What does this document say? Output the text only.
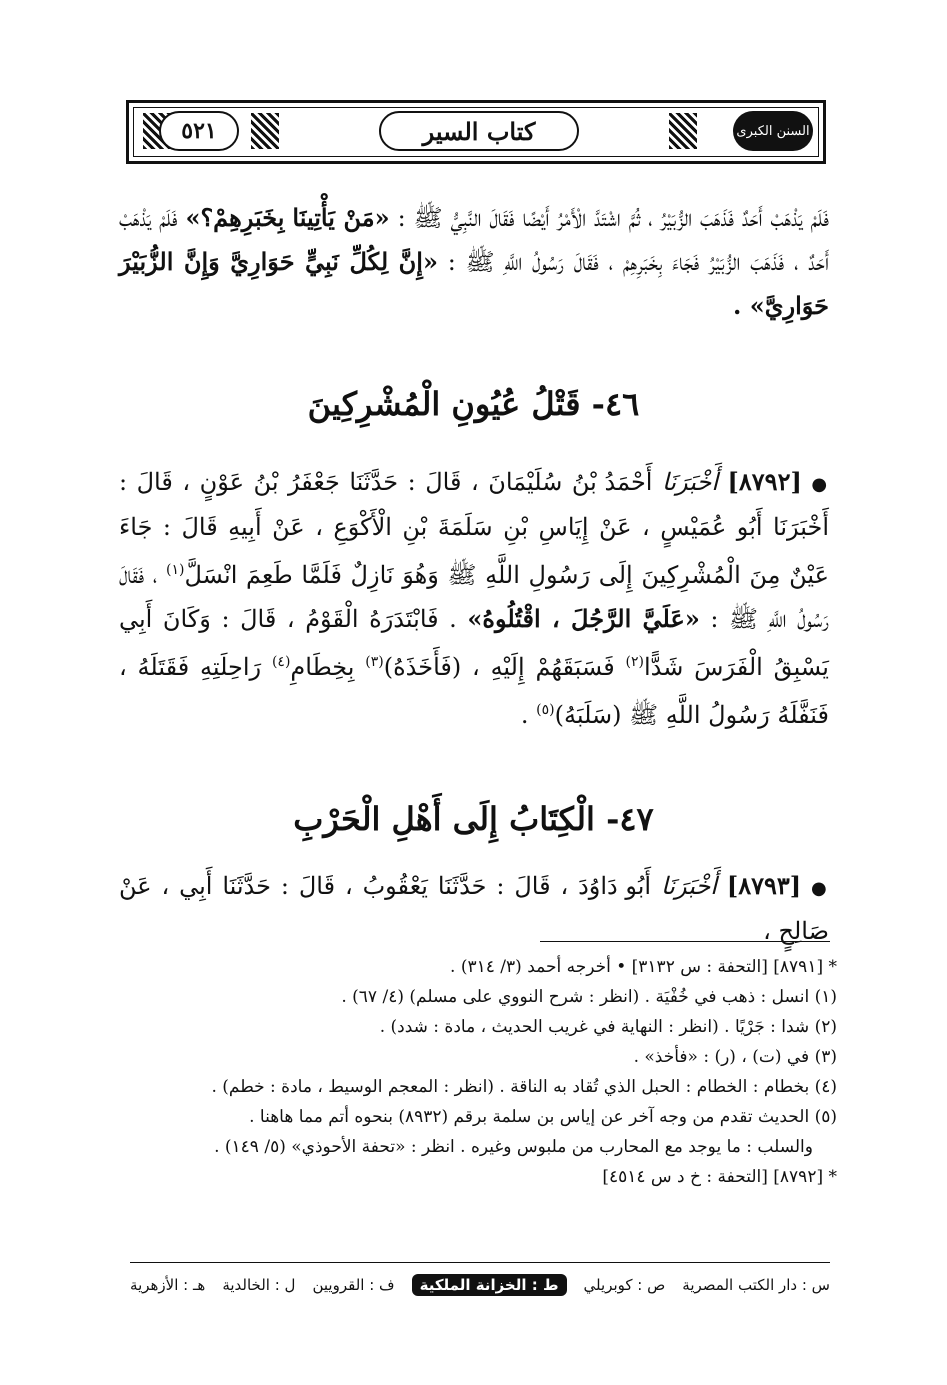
٥٢١	كتاب السير	السنن الكبرى

فَلَمْ يَذْهَبْ أَحَدٌ فَذَهَبَ الزُّبَيْرُ ، ثُمَّ اشْتَدَّ الْأَمْرُ أَيْضًا فَقَالَ النَّبِيُّ ﷺ : «مَنْ يَأْتِينَا بِخَبَرِهِمْ؟» فَلَمْ يَذْهَبْ أَحَدٌ ، فَذَهَبَ الزُّبَيْرُ فَجَاءَ بِخَبَرِهِمْ ، فَقَالَ رَسُولُ اللَّهِ ﷺ : «إِنَّ لِكُلِّ نَبِيٍّ حَوَارِيَّ وَإِنَّ الزُّبَيْرَ حَوَارِيَّ» .

٤٦- قَتْلُ عُيُونِ الْمُشْرِكِينَ

● [٨٧٩٢] أَخْبَرَنَا أَحْمَدُ بْنُ سُلَيْمَانَ ، قَالَ : حَدَّثَنَا جَعْفَرُ بْنُ عَوْنٍ ، قَالَ : أَخْبَرَنَا أَبُو عُمَيْسٍ ، عَنْ إِيَاسِ بْنِ سَلَمَةَ بْنِ الْأَكْوَعِ ، عَنْ أَبِيهِ قَالَ : جَاءَ عَيْنٌ مِنَ الْمُشْرِكِينَ إِلَى رَسُولِ اللَّهِ ﷺ وَهُوَ نَازِلٌ فَلَمَّا طَعِمَ انْسَلَّ$^{(١)}$ ، فَقَالَ رَسُولُ اللَّهِ ﷺ : «عَلَيَّ الرَّجُلَ ، اقْتُلُوهُ» . فَابْتَدَرَهُ الْقَوْمُ ، قَالَ : وَكَانَ أَبِي يَسْبِقُ الْفَرَسَ شَدًّا$^{(٢)}$ فَسَبَقَهُمْ إِلَيْهِ ، (فَأَخَذَهُ)$^{(٣)}$ بِخِطَامِ$^{(٤)}$ رَاحِلَتِهِ فَقَتَلَهُ ، فَنَفَّلَهُ رَسُولُ اللَّهِ ﷺ (سَلَبَهُ)$^{(٥)}$ .

٤٧- الْكِتَابُ إِلَى أَهْلِ الْحَرْبِ

● [٨٧٩٣] أَخْبَرَنَا أَبُو دَاوُدَ ، قَالَ : حَدَّثَنَا يَعْقُوبُ ، قَالَ : حَدَّثَنَا أَبِي ، عَنْ صَالِحٍ ،

* [٨٧٩١] [التحفة : س ٣١٣٢] • أخرجه أحمد (٣/ ٣١٤) .
(١) انسل : ذهب في خُفْيَة . (انظر : شرح النووي على مسلم) (٤/ ٦٧) .
(٢) شدا : جَرْيًا . (انظر : النهاية في غريب الحديث ، مادة : شدد) .
(٣) في (ت) ، (ر) : «فأخذ» .
(٤) بخطام : الخطام : الحبل الذي تُقاد به الناقة . (انظر : المعجم الوسيط ، مادة : خطم) .
(٥) الحديث تقدم من وجه آخر عن إياس بن سلمة برقم (٨٩٣٢) بنحوه أتم مما هاهنا .
والسلب : ما يوجد مع المحارب من ملبوس وغيره . انظر : «تحفة الأحوذي» (٥/ ١٤٩) .
* [٨٧٩٢] [التحفة : خ د س ٤٥١٤]
س : دار الكتب المصرية
ص : كوبريلي
ط : الخزانة الملكية
ف : القرويين
ل : الخالدية
هـ : الأزهرية
